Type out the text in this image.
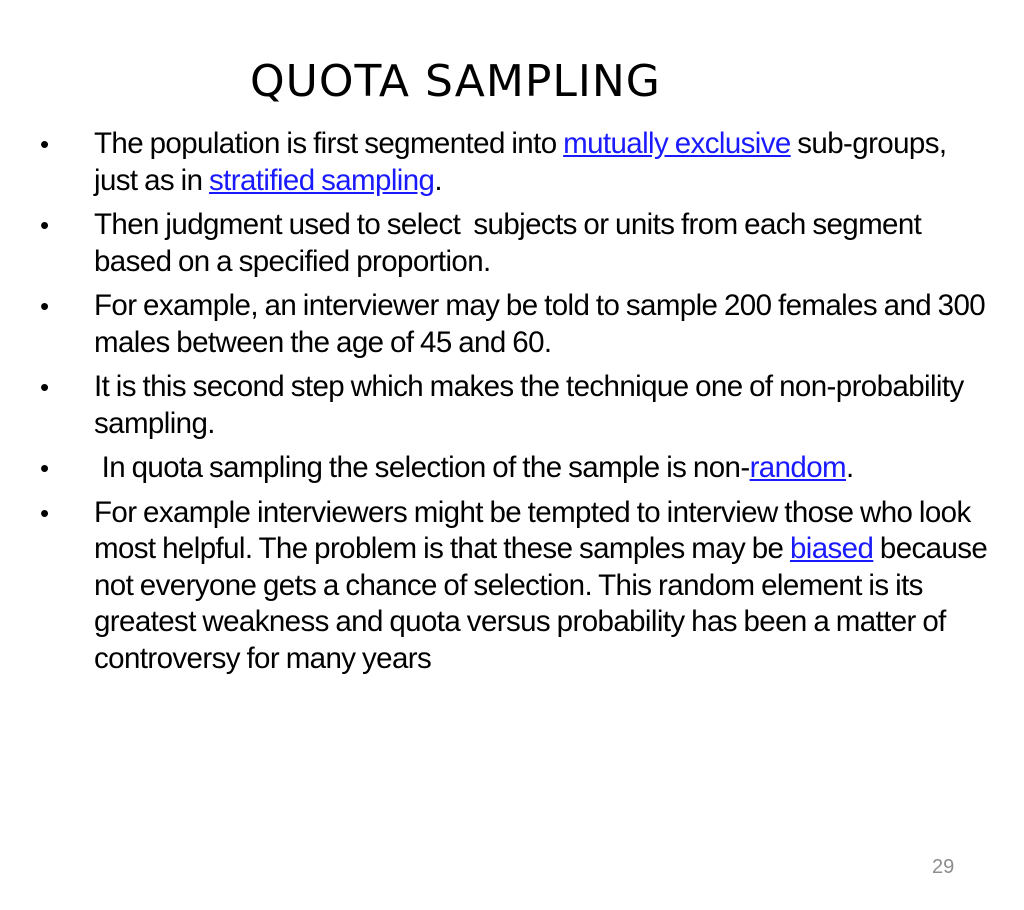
QUOTA SAMPLING
• The population is first segmented into mutually exclusive sub-groups, just as in stratified sampling.
• Then judgment used to select  subjects or units from each segment based on a specified proportion.
• For example, an interviewer may be told to sample 200 females and 300 males between the age of 45 and 60.
• It is this second step which makes the technique one of non-probability sampling.
• In quota sampling the selection of the sample is non-random.
• For example interviewers might be tempted to interview those who look most helpful. The problem is that these samples may be biased because not everyone gets a chance of selection. This random element is its greatest weakness and quota versus probability has been a matter of controversy for many years
29
